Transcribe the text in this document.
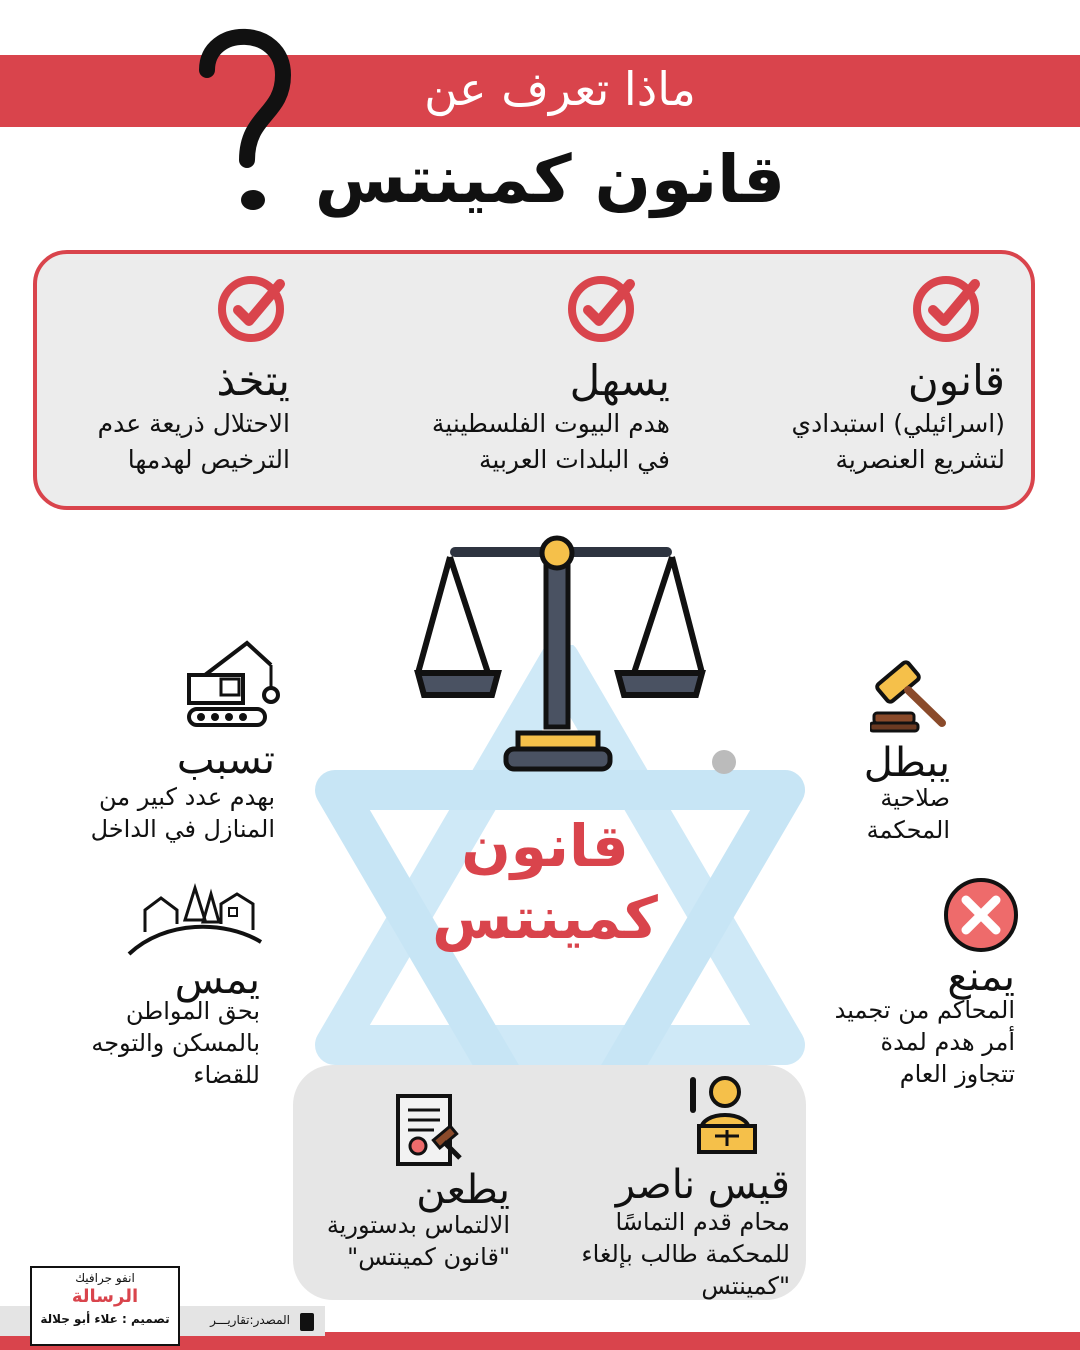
ماذا تعرف عن
قانون كمينتس
قانون
(اسرائيلي) استبدادي
لتشريع العنصرية
يسهل
هدم البيوت الفلسطينية
في البلدات العربية
يتخذ
الاحتلال ذريعة عدم
الترخيص لهدمها
قانون
كمينتس
يبطل
صلاحية
المحكمة
يمنع
المحاكم من تجميد
أمر هدم لمدة
تتجاوز العام
تسبب
بهدم عدد كبير من
المنازل في الداخل
يمس
بحق المواطن
بالمسكن والتوجه
للقضاء
يطعن
الالتماس بدستورية
"قانون كمينتس"
قيس ناصر
محام قدم التماسًا
للمحكمة طالب بإلغاء
"كمينتس
انفو جرافيك
الرسالة
تصميم : علاء أبو جلالة	المصدر:تقاريـــر
